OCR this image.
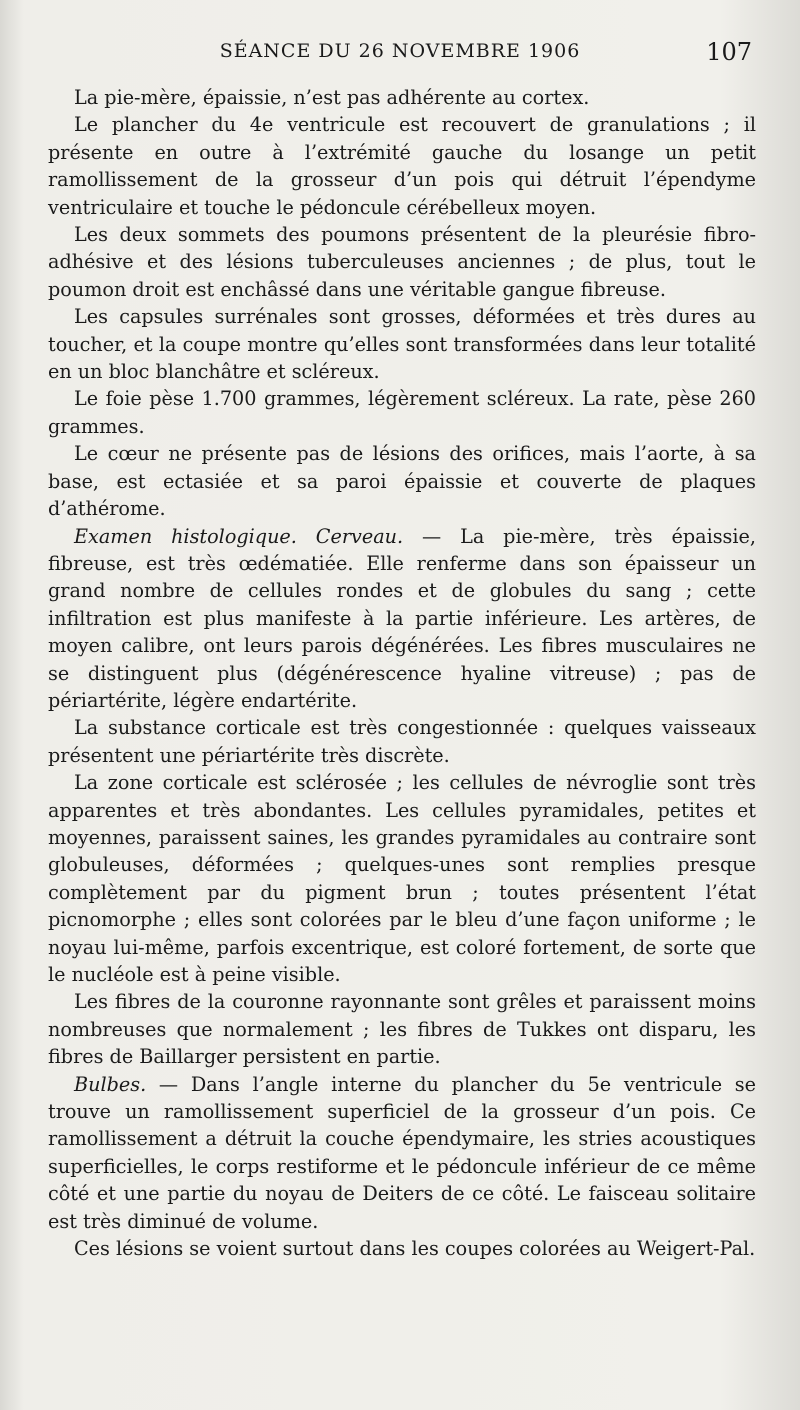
SÉANCE DU 26 NOVEMBRE 1906	107

La pie-mère, épaissie, n’est pas adhérente au cortex.

Le plancher du 4e ventricule est recouvert de granulations ; il présente en outre à l’extrémité gauche du losange un petit ramollissement de la grosseur d’un pois qui détruit l’épendyme ventriculaire et touche le pédoncule cérébelleux moyen.

Les deux sommets des poumons présentent de la pleurésie fibro-adhésive et des lésions tuberculeuses anciennes ; de plus, tout le poumon droit est enchâssé dans une véritable gangue fibreuse.

Les capsules surrénales sont grosses, déformées et très dures au toucher, et la coupe montre qu’elles sont transformées dans leur totalité en un bloc blanchâtre et scléreux.

Le foie pèse 1.700 grammes, légèrement scléreux. La rate, pèse 260 grammes.

Le cœur ne présente pas de lésions des orifices, mais l’aorte, à sa base, est ectasiée et sa paroi épaissie et couverte de plaques d’athérome.

Examen histologique. Cerveau. — La pie-mère, très épaissie, fibreuse, est très œdématiée. Elle renferme dans son épaisseur un grand nombre de cellules rondes et de globules du sang ; cette infiltration est plus manifeste à la partie inférieure. Les artères, de moyen calibre, ont leurs parois dégénérées. Les fibres musculaires ne se distinguent plus (dégénérescence hyaline vitreuse) ; pas de périartérite, légère endartérite.

La substance corticale est très congestionnée : quelques vaisseaux présentent une périartérite très discrète.

La zone corticale est sclérosée ; les cellules de névroglie sont très apparentes et très abondantes. Les cellules pyramidales, petites et moyennes, paraissent saines, les grandes pyramidales au contraire sont globuleuses, déformées ; quelques-unes sont remplies presque complètement par du pigment brun ; toutes présentent l’état picnomorphe ; elles sont colorées par le bleu d’une façon uniforme ; le noyau lui-même, parfois excentrique, est coloré fortement, de sorte que le nucléole est à peine visible.

Les fibres de la couronne rayonnante sont grêles et paraissent moins nombreuses que normalement ; les fibres de Tukkes ont disparu, les fibres de Baillarger persistent en partie.

Bulbes. — Dans l’angle interne du plancher du 5e ventricule se trouve un ramollissement superficiel de la grosseur d’un pois. Ce ramollissement a détruit la couche épendymaire, les stries acoustiques superficielles, le corps restiforme et le pédoncule inférieur de ce même côté et une partie du noyau de Deiters de ce côté. Le faisceau solitaire est très diminué de volume.

Ces lésions se voient surtout dans les coupes colorées au Weigert-Pal.
